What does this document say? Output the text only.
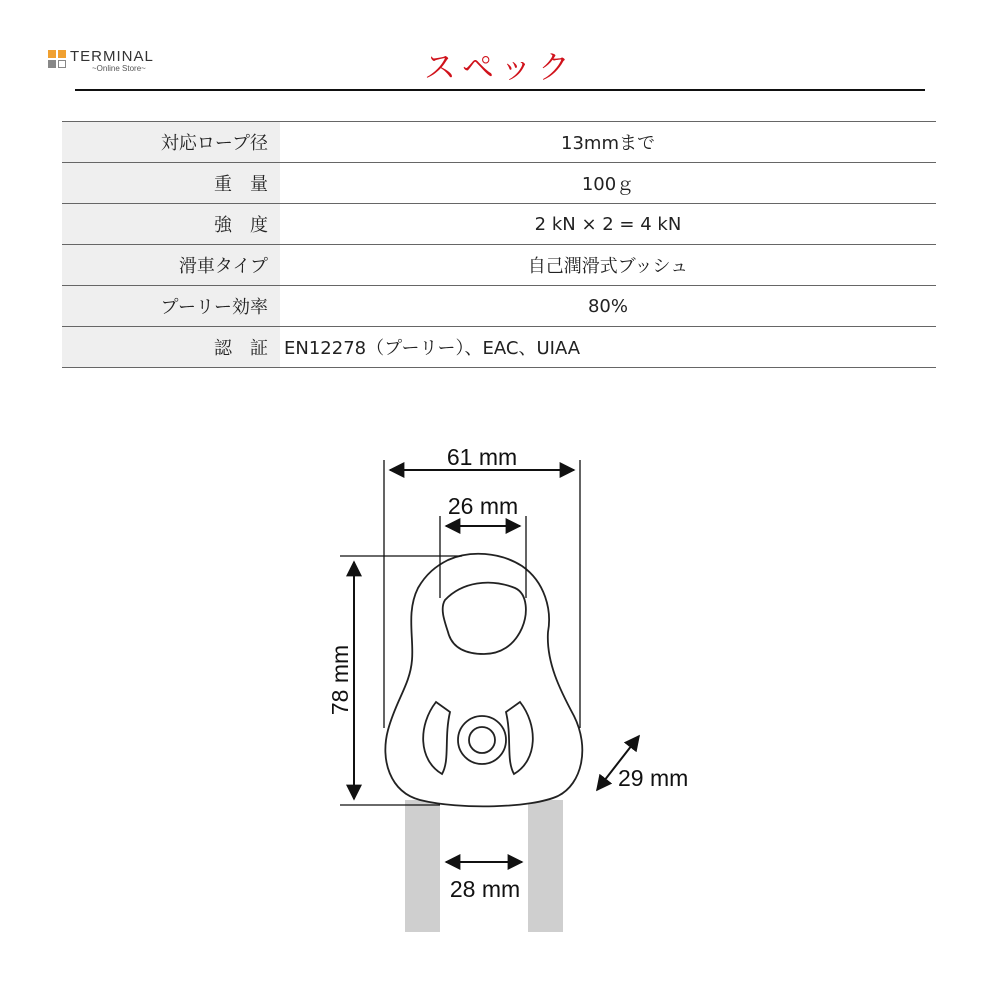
TERMINAL
~Online Store~	スペック
対応ロープ径	13mmまで
重　量	100ｇ
強　度	2 kN × 2 = 4 kN
滑車タイプ	自己潤滑式ブッシュ
プーリー効率	80%
認　証	EN12278（プーリー）、EAC、UIAA
61 mm
26 mm
78 mm
29 mm
28 mm
